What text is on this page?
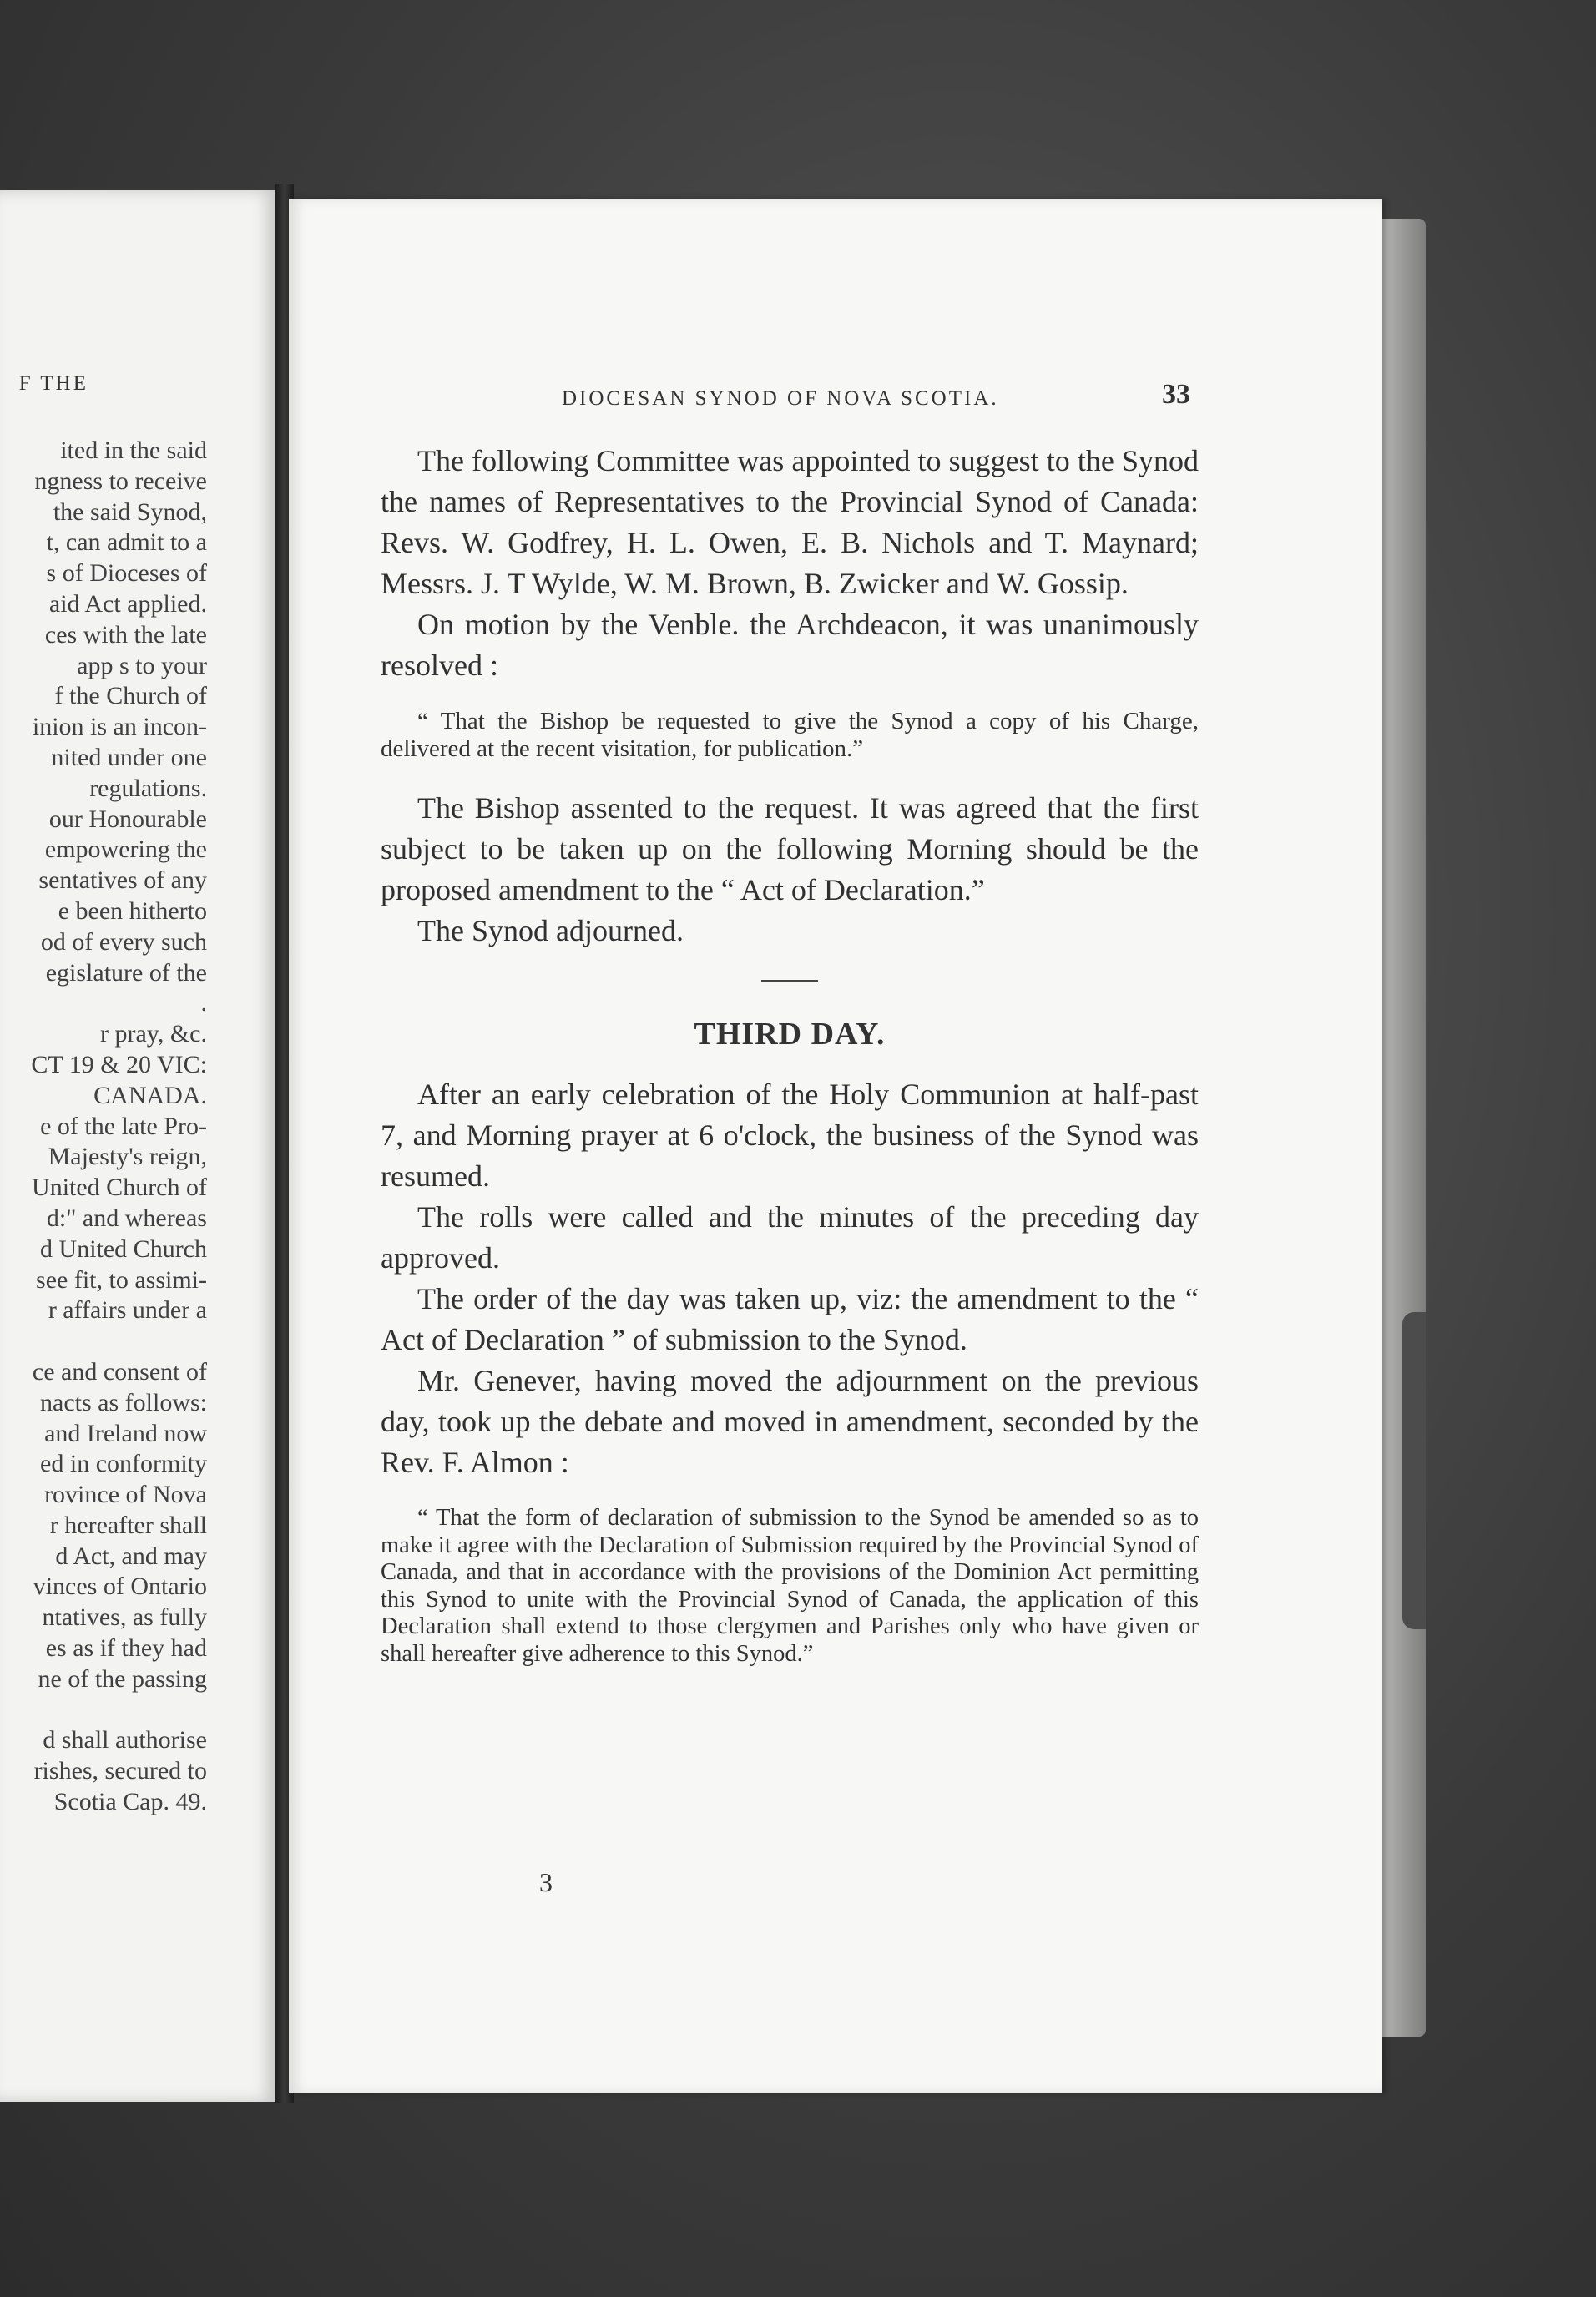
F THE
ited in the said
ngness to receive
the said Synod,
t, can admit to a
s of Dioceses of
aid Act applied.
ces with the late
app s to your
f the Church of
inion is an incon-
nited under one
regulations.
our Honourable
empowering the
sentatives of any
e been hitherto
od of every such
egislature of the
.
r pray, &c.
CT 19 & 20 VIC:
CANADA.
e of the late Pro-
Majesty's reign,
United Church of
d:" and whereas
d United Church
see fit, to assimi-
r affairs under a

ce and consent of
nacts as follows:
and Ireland now
ed in conformity
rovince of Nova
r hereafter shall
d Act, and may
vinces of Ontario
ntatives, as fully
es as if they had
ne of the passing

d shall authorise
rishes, secured to
Scotia Cap. 49.
DIOCESAN SYNOD OF NOVA SCOTIA.	33

The following Committee was appointed to suggest to the Synod the names of Representatives to the Provincial Synod of Canada: Revs. W. Godfrey, H. L. Owen, E. B. Nichols and T. Maynard; Messrs. J. T Wylde, W. M. Brown, B. Zwicker and W. Gossip.

On motion by the Venble. the Archdeacon, it was unanimously resolved :

“ That the Bishop be requested to give the Synod a copy of his Charge, delivered at the recent visitation, for publication.”

The Bishop assented to the request. It was agreed that the first subject to be taken up on the following Morning should be the proposed amendment to the “ Act of Declaration.”

The Synod adjourned.

THIRD DAY.

After an early celebration of the Holy Communion at half-past 7, and Morning prayer at 6 o'clock, the business of the Synod was resumed.

The rolls were called and the minutes of the preceding day approved.

The order of the day was taken up, viz: the amendment to the “ Act of Declaration ” of submission to the Synod.

Mr. Genever, having moved the adjournment on the previous day, took up the debate and moved in amendment, seconded by the Rev. F. Almon :

“ That the form of declaration of submission to the Synod be amended so as to make it agree with the Declaration of Submission required by the Provincial Synod of Canada, and that in accordance with the provisions of the Dominion Act permitting this Synod to unite with the Provincial Synod of Canada, the application of this Declaration shall extend to those clergymen and Parishes only who have given or shall hereafter give adherence to this Synod.”

3
